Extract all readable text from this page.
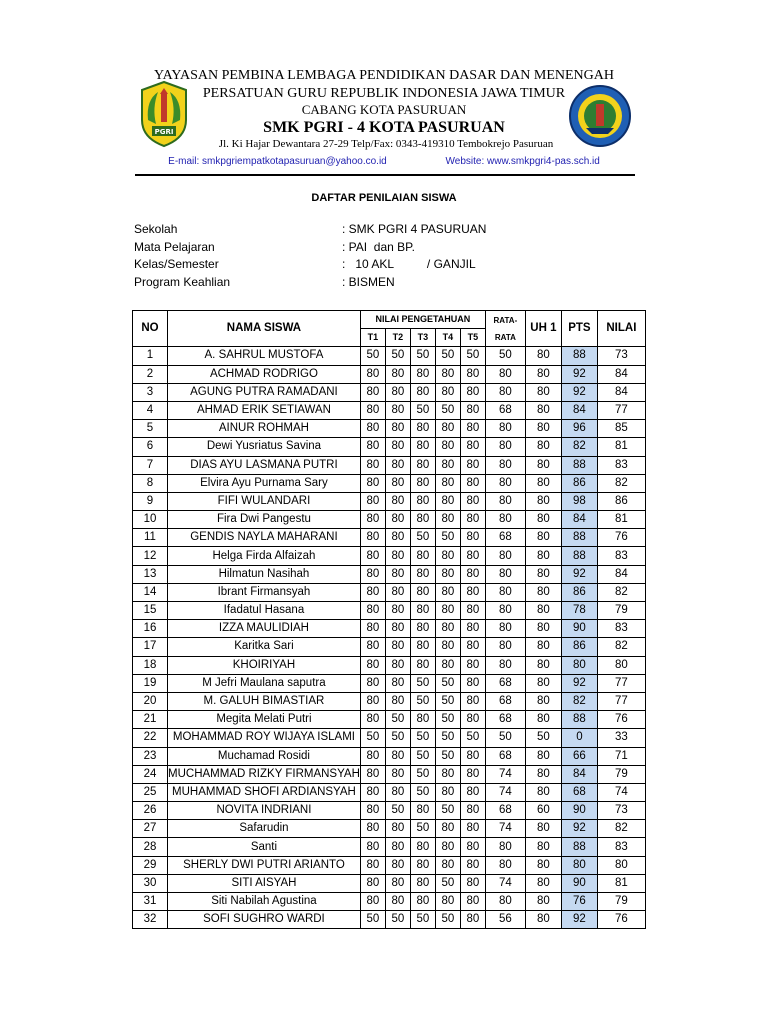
PGRI
YAYASAN PEMBINA LEMBAGA PENDIDIKAN DASAR DAN MENENGAH
PERSATUAN GURU REPUBLIK INDONESIA JAWA TIMUR
CABANG KOTA PASURUAN
SMK PGRI - 4 KOTA PASURUAN
Jl. Ki Hajar Dewantara 27-29 Telp/Fax: 0343-419310 Tembokrejo Pasuruan
E-mail: smkpgriempatkotapasuruan@yahoo.co.id	Website: www.smkpgri4-pas.sch.id
DAFTAR PENILAIAN SISWA
Sekolah	: SMK PGRI 4 PASURUAN
Mata Pelajaran	: PAI  dan BP.
Kelas/Semester	:   10 AKL          / GANJIL
Program Keahlian	: BISMEN
NO	NAMA SISWA	NILAI PENGETAHUAN					RATA-RATA	UH 1	PTS	NILAI
		T1	T2	T3	T4	T5				
1	A. SAHRUL MUSTOFA	50	50	50	50	50	50	80	88	73
2	ACHMAD RODRIGO	80	80	80	80	80	80	80	92	84
3	AGUNG PUTRA RAMADANI	80	80	80	80	80	80	80	92	84
4	AHMAD ERIK SETIAWAN	80	80	50	50	80	68	80	84	77
5	AINUR ROHMAH	80	80	80	80	80	80	80	96	85
6	Dewi Yusriatus Savina	80	80	80	80	80	80	80	82	81
7	DIAS AYU LASMANA PUTRI	80	80	80	80	80	80	80	88	83
8	Elvira Ayu Purnama Sary	80	80	80	80	80	80	80	86	82
9	FIFI WULANDARI	80	80	80	80	80	80	80	98	86
10	Fira Dwi Pangestu	80	80	80	80	80	80	80	84	81
11	GENDIS NAYLA MAHARANI	80	80	50	50	80	68	80	88	76
12	Helga Firda Alfaizah	80	80	80	80	80	80	80	88	83
13	Hilmatun Nasihah	80	80	80	80	80	80	80	92	84
14	Ibrant Firmansyah	80	80	80	80	80	80	80	86	82
15	Ifadatul Hasana	80	80	80	80	80	80	80	78	79
16	IZZA MAULIDIAH	80	80	80	80	80	80	80	90	83
17	Karitka Sari	80	80	80	80	80	80	80	86	82
18	KHOIRIYAH	80	80	80	80	80	80	80	80	80
19	M Jefri Maulana saputra	80	80	50	50	80	68	80	92	77
20	M. GALUH BIMASTIAR	80	80	50	50	80	68	80	82	77
21	Megita Melati Putri	80	50	80	50	80	68	80	88	76
22	MOHAMMAD ROY WIJAYA ISLAMI	50	50	50	50	50	50	50	0	33
23	Muchamad Rosidi	80	80	50	50	80	68	80	66	71
24	MUCHAMMAD RIZKY FIRMANSYAH	80	80	50	80	80	74	80	84	79
25	MUHAMMAD SHOFI ARDIANSYAH	80	80	50	80	80	74	80	68	74
26	NOVITA INDRIANI	80	50	80	50	80	68	60	90	73
27	Safarudin	80	80	50	80	80	74	80	92	82
28	Santi	80	80	80	80	80	80	80	88	83
29	SHERLY DWI PUTRI ARIANTO	80	80	80	80	80	80	80	80	80
30	SITI AISYAH	80	80	80	50	80	74	80	90	81
31	Siti Nabilah Agustina	80	80	80	80	80	80	80	76	79
32	SOFI SUGHRO WARDI	50	50	50	50	80	56	80	92	76
